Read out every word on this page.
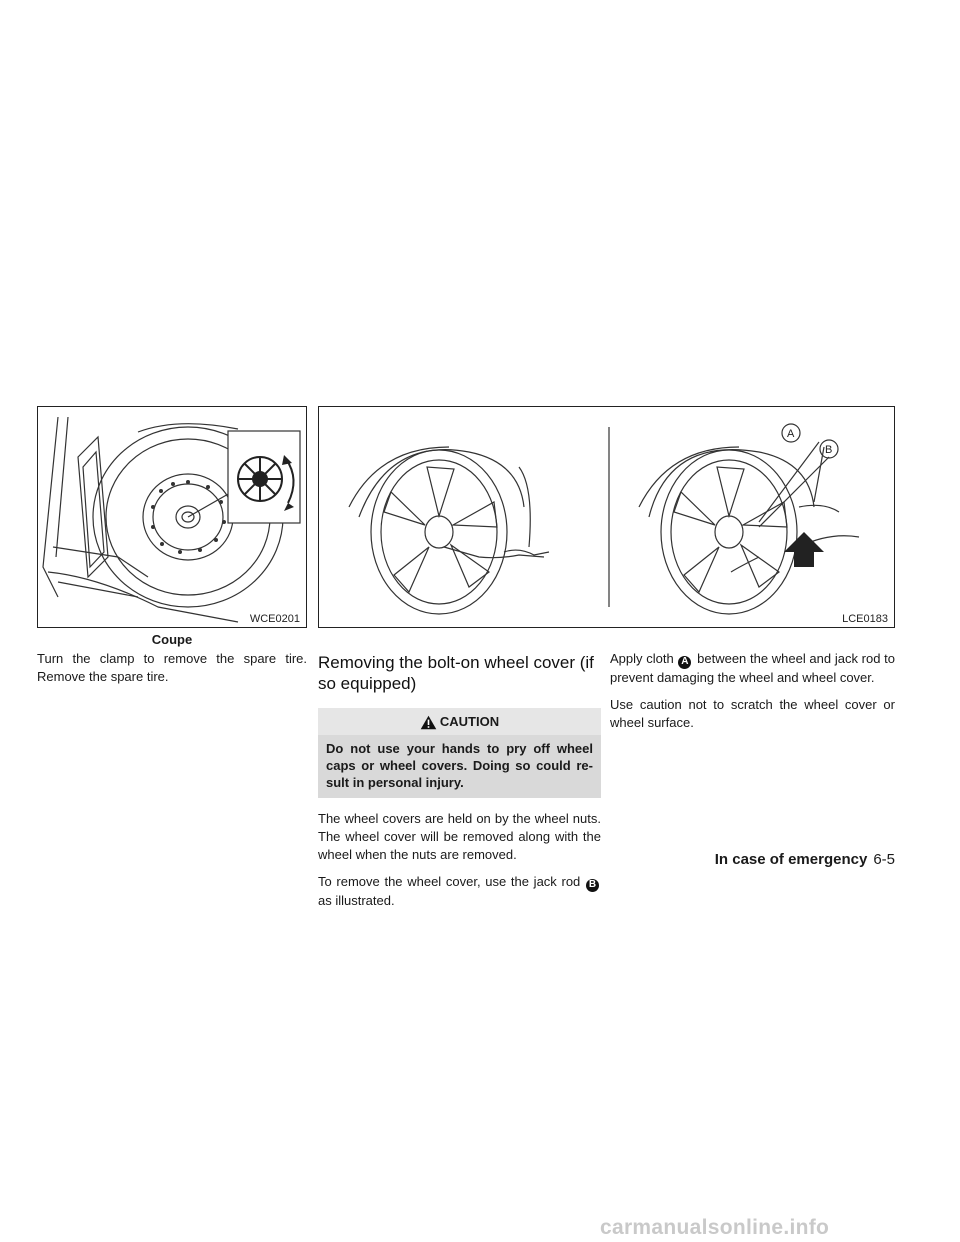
WCE0201
Coupe
A
B
LCE0183

Turn the clamp to remove the spare tire. Remove the spare tire.

Removing the bolt-on wheel cover (if so equipped)
CAUTION
Do not use your hands to pry off wheel caps or wheel covers. Doing so could re-sult in personal injury.

The wheel covers are held on by the wheel nuts. The wheel cover will be removed along with the wheel when the nuts are removed.

To remove the wheel cover, use the jack rod B as illustrated.

Apply cloth A between the wheel and jack rod to prevent damaging the wheel and wheel cover.

Use caution not to scratch the wheel cover or wheel surface.

In case of emergency 6-5
carmanualsonline.info
